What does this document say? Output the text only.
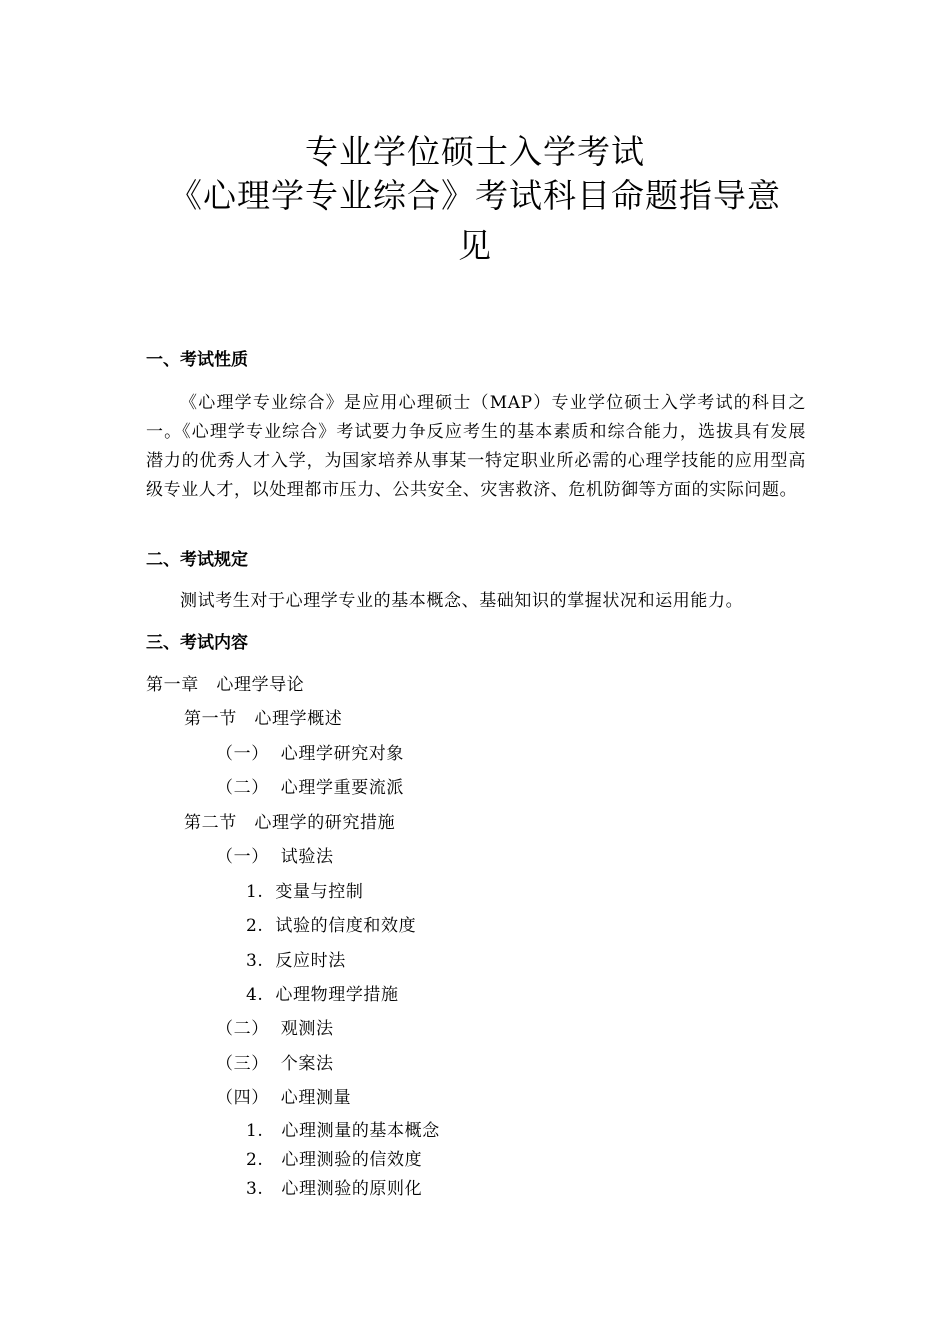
专业学位硕士入学考试
《心理学专业综合》考试科目命题指导意
见
一、考试性质
《心理学专业综合》是应用心理硕士（MAP）专业学位硕士入学考试的科目之一。《心理学专业综合》考试要力争反应考生的基本素质和综合能力，选拔具有发展潜力的优秀人才入学，为国家培养从事某一特定职业所必需的心理学技能的应用型高级专业人才，以处理都市压力、公共安全、灾害救济、危机防御等方面的实际问题。
二、考试规定
测试考生对于心理学专业的基本概念、基础知识的掌握状况和运用能力。
三、考试内容
第一章　心理学导论
第一节　心理学概述
（一）  心理学研究对象
（二）  心理学重要流派
第二节　心理学的研究措施
（一）  试验法
1.  变量与控制
2.  试验的信度和效度
3.  反应时法
4.  心理物理学措施
（二）  观测法
（三）  个案法
（四）  心理测量
1.   心理测量的基本概念
2.   心理测验的信效度
3.   心理测验的原则化
